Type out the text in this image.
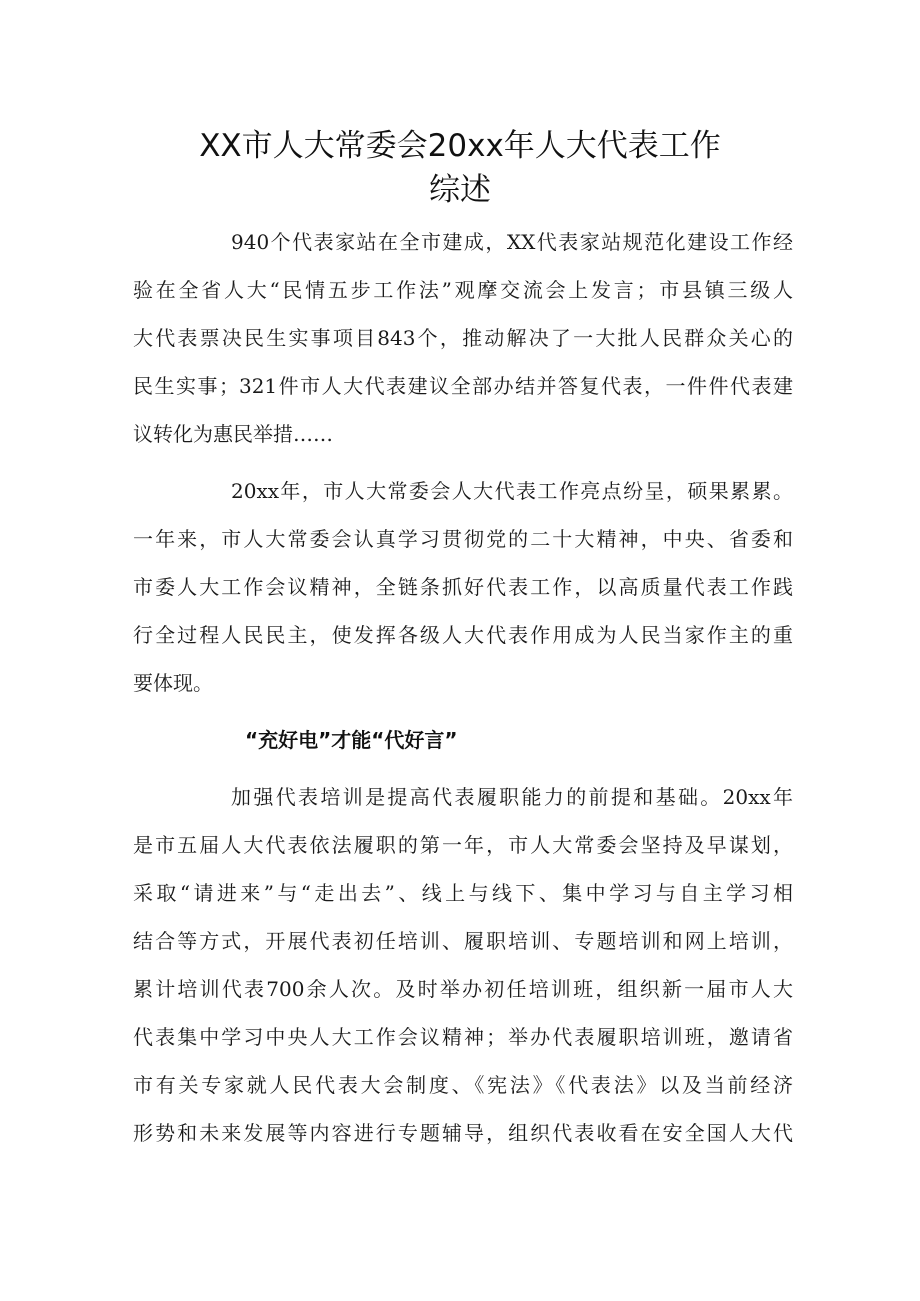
XX市人大常委会20xx年人大代表工作
综述
940个代表家站在全市建成，XX代表家站规范化建设工作经
验在全省人大“民情五步工作法”观摩交流会上发言；市县镇三级人
大代表票决民生实事项目843个，推动解决了一大批人民群众关心的
民生实事；321件市人大代表建议全部办结并答复代表，一件件代表建
议转化为惠民举措……
20xx年，市人大常委会人大代表工作亮点纷呈，硕果累累。
一年来，市人大常委会认真学习贯彻党的二十大精神，中央、省委和
市委人大工作会议精神，全链条抓好代表工作，以高质量代表工作践
行全过程人民民主，使发挥各级人大代表作用成为人民当家作主的重
要体现。
“充好电”才能“代好言”
加强代表培训是提高代表履职能力的前提和基础。20xx年
是市五届人大代表依法履职的第一年，市人大常委会坚持及早谋划，
采取“请进来”与“走出去”、线上与线下、集中学习与自主学习相
结合等方式，开展代表初任培训、履职培训、专题培训和网上培训，
累计培训代表700余人次。及时举办初任培训班，组织新一届市人大
代表集中学习中央人大工作会议精神；举办代表履职培训班，邀请省
市有关专家就人民代表大会制度、《宪法》《代表法》以及当前经济
形势和未来发展等内容进行专题辅导，组织代表收看在安全国人大代
